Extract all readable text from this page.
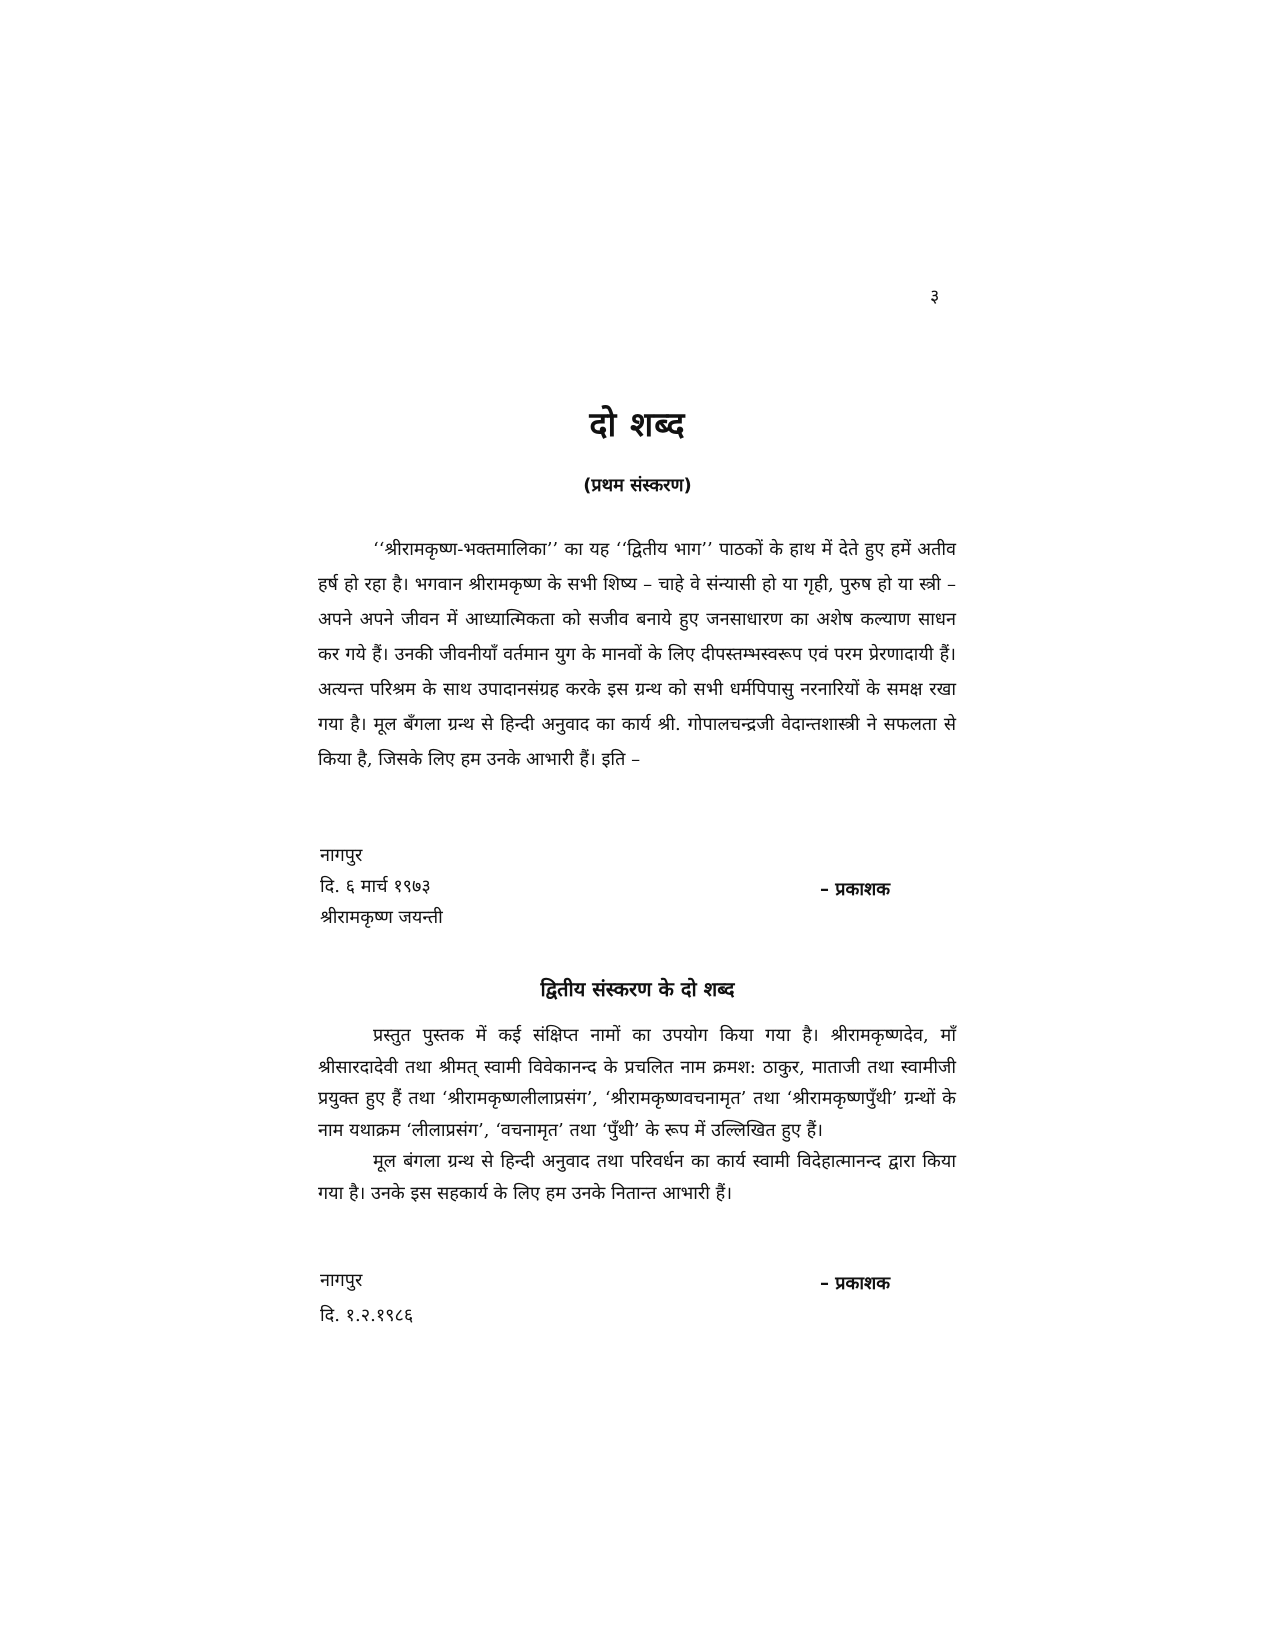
३
दो शब्द
(प्रथम संस्करण)

‘‘श्रीरामकृष्ण-भक्तमालिका’’ का यह ‘‘द्वितीय भाग’’ पाठकों के हाथ में देते हुए हमें अतीव हर्ष हो रहा है। भगवान श्रीरामकृष्ण के सभी शिष्य – चाहे वे संन्यासी हो या गृही, पुरुष हो या स्त्री – अपने अपने जीवन में आध्यात्मिकता को सजीव बनाये हुए जनसाधारण का अशेष कल्याण साधन कर गये हैं। उनकी जीवनीयाँ वर्तमान युग के मानवों के लिए दीपस्तम्भस्वरूप एवं परम प्रेरणादायी हैं। अत्यन्त परिश्रम के साथ उपादानसंग्रह करके इस ग्रन्थ को सभी धर्मपिपासु नरनारियों के समक्ष रखा गया है। मूल बँगला ग्रन्थ से हिन्दी अनुवाद का कार्य श्री. गोपालचन्द्रजी वेदान्तशास्त्री ने सफलता से किया है, जिसके लिए हम उनके आभारी हैं। इति –

नागपुर
दि. ६ मार्च १९७३
श्रीरामकृष्ण जयन्ती
– प्रकाशक
द्वितीय संस्करण के दो शब्द

प्रस्तुत पुस्तक में कई संक्षिप्त नामों का उपयोग किया गया है। श्रीरामकृष्णदेव, माँ श्रीसारदादेवी तथा श्रीमत् स्वामी विवेकानन्द के प्रचलित नाम क्रमश: ठाकुर, माताजी तथा स्वामीजी प्रयुक्त हुए हैं तथा ‘श्रीरामकृष्णलीलाप्रसंग’, ‘श्रीरामकृष्णवचनामृत’ तथा ‘श्रीरामकृष्णपुँथी’ ग्रन्थों के नाम यथाक्रम ‘लीलाप्रसंग’, ‘वचनामृत’ तथा ‘पुँथी’ के रूप में उल्लिखित हुए हैं।

मूल बंगला ग्रन्थ से हिन्दी अनुवाद तथा परिवर्धन का कार्य स्वामी विदेहात्मानन्द द्वारा किया गया है। उनके इस सहकार्य के लिए हम उनके नितान्त आभारी हैं।

नागपुर
दि. १.२.१९८६
– प्रकाशक
